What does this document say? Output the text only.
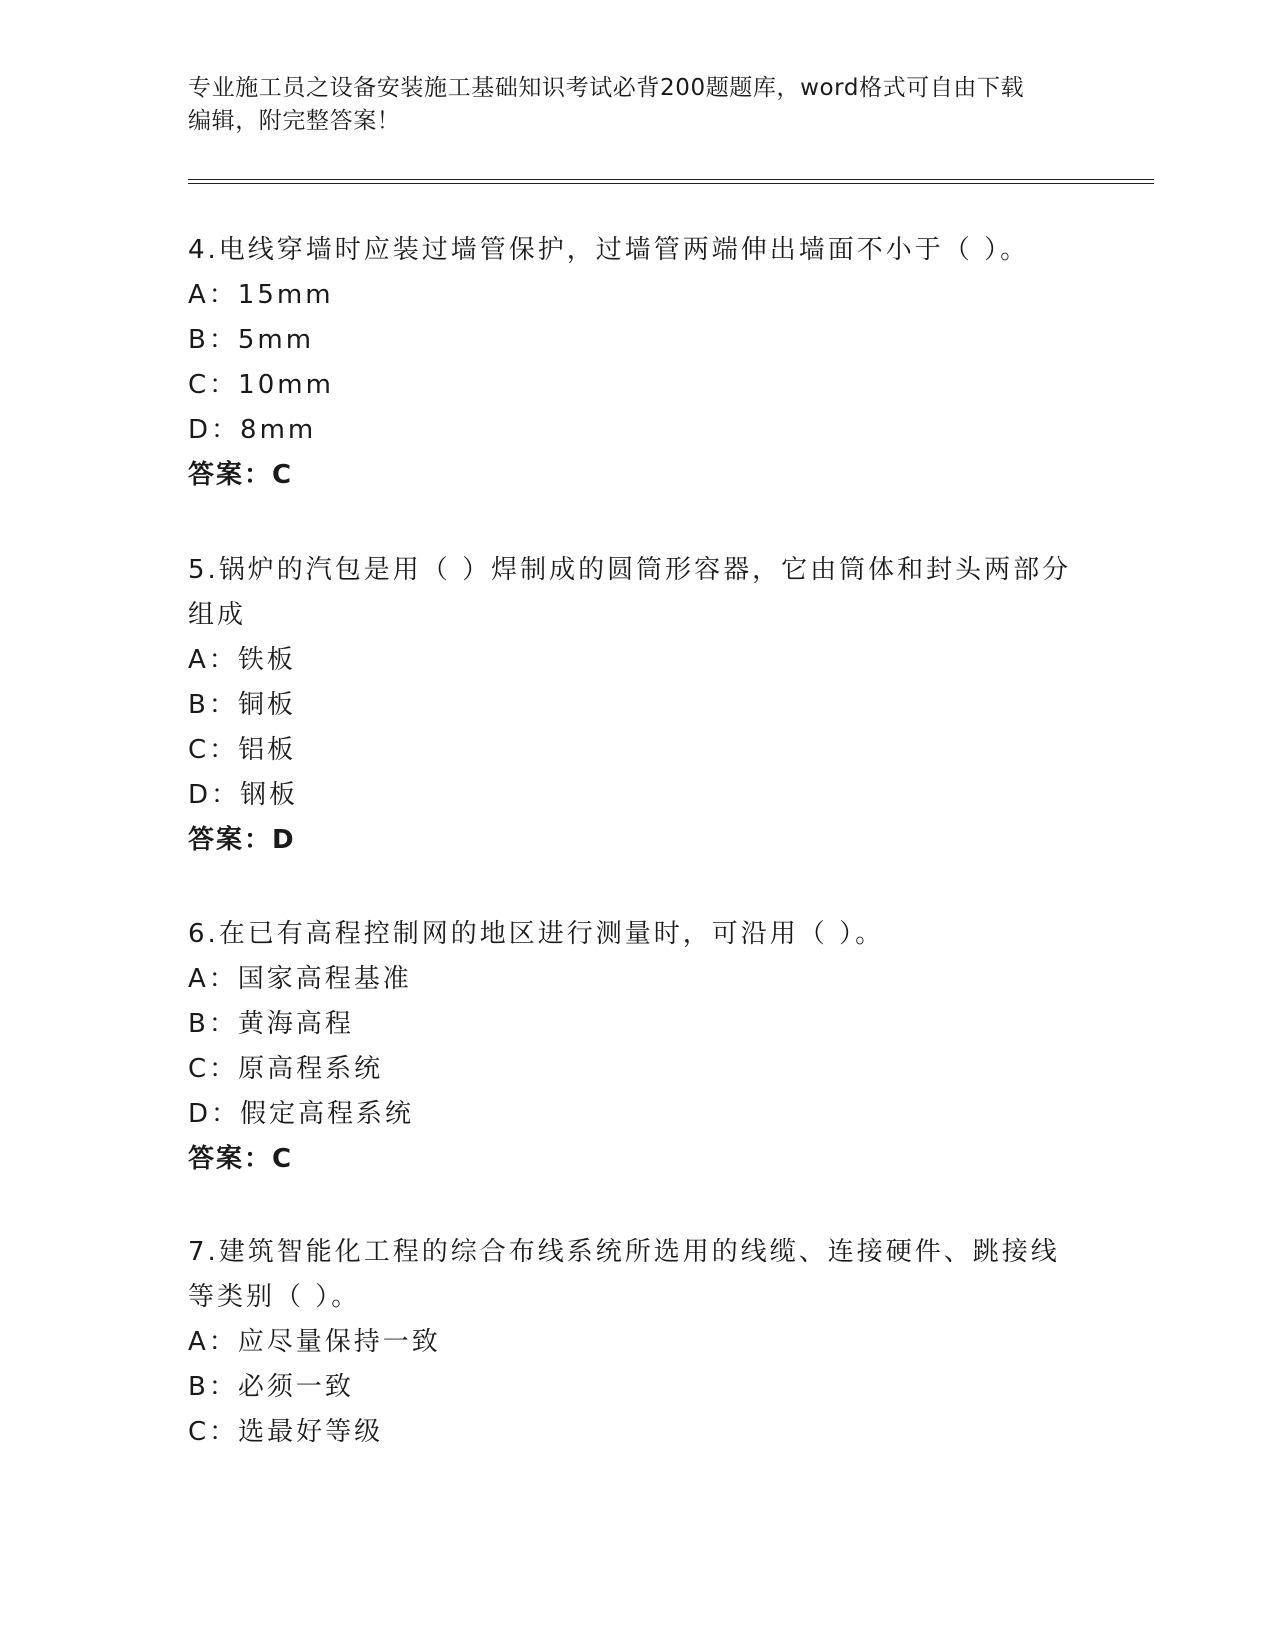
专业施工员之设备安装施工基础知识考试必背200题题库，word格式可自由下载
编辑，附完整答案！

4.电线穿墙时应装过墙管保护，过墙管两端伸出墙面不小于（ ）。

A：15mm

B：5mm

C：10mm

D：8mm

答案：C

5.锅炉的汽包是用（ ）焊制成的圆筒形容器，它由筒体和封头两部分

组成

A：铁板

B：铜板

C：铝板

D：钢板

答案：D

6.在已有高程控制网的地区进行测量时，可沿用（ ）。

A：国家高程基准

B：黄海高程

C：原高程系统

D：假定高程系统

答案：C

7.建筑智能化工程的综合布线系统所选用的线缆、连接硬件、跳接线

等类别（ ）。

A：应尽量保持一致

B：必须一致

C：选最好等级
